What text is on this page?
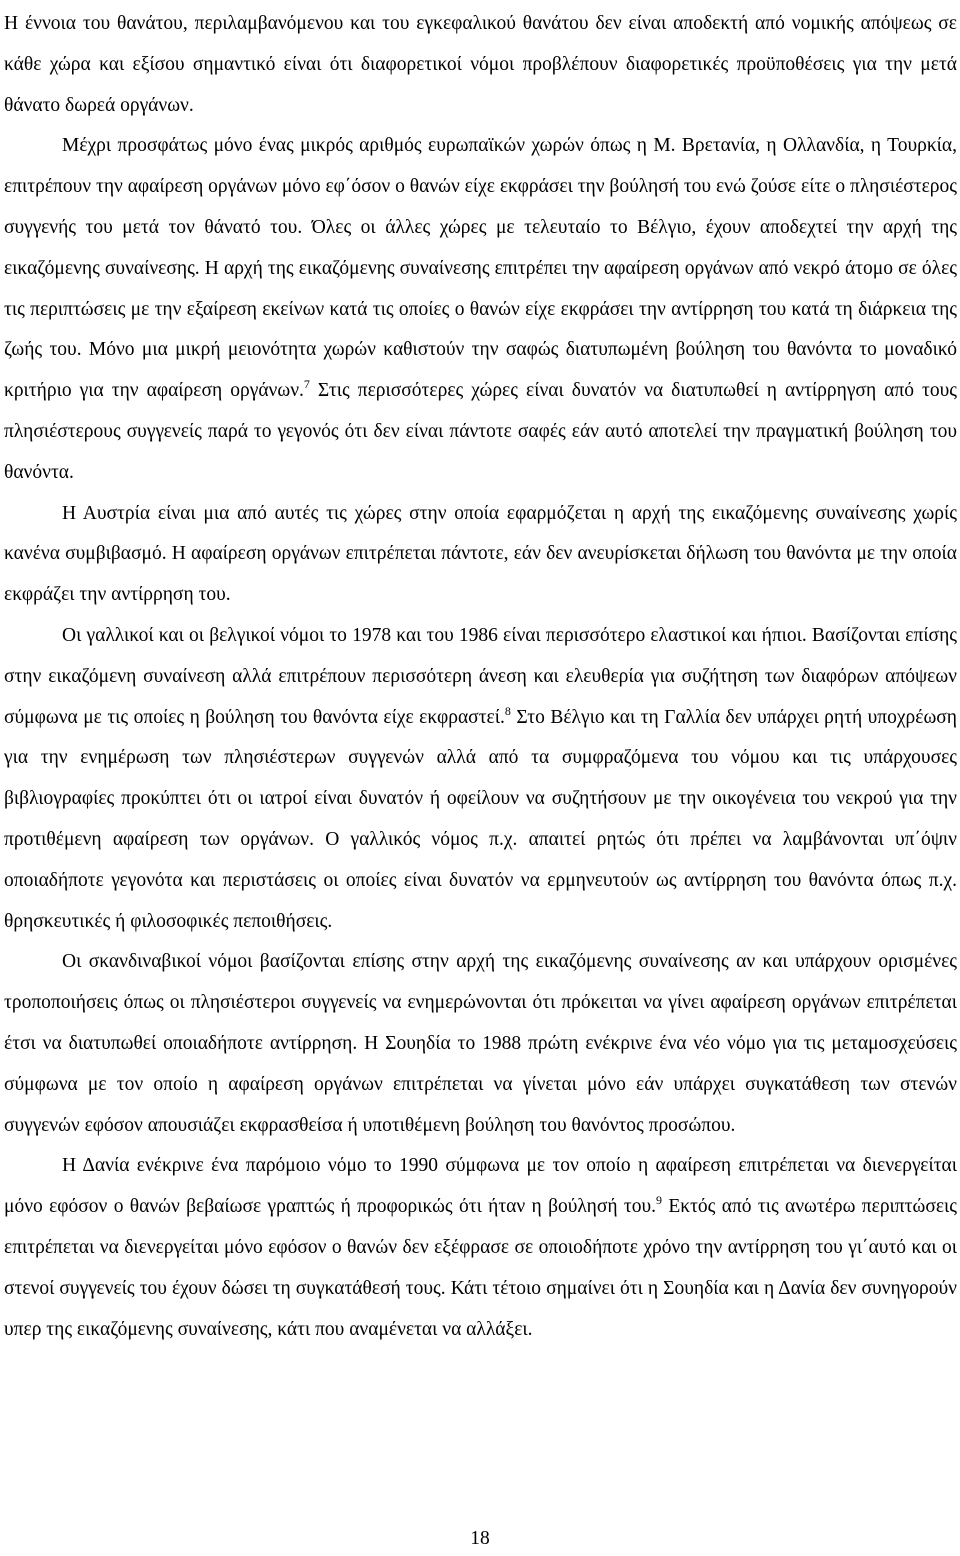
Η έννοια του θανάτου, περιλαμβανόμενου και του εγκεφαλικού θανάτου δεν είναι αποδεκτή από νομικής απόψεως σε κάθε χώρα και εξίσου σημαντικό είναι ότι διαφορετικοί νόμοι προβλέπουν διαφορετικές προϋποθέσεις για την μετά θάνατο δωρεά οργάνων.

Μέχρι προσφάτως μόνο ένας μικρός αριθμός ευρωπαϊκών χωρών όπως η Μ. Βρετανία, η Ολλανδία, η Τουρκία, επιτρέπουν την αφαίρεση οργάνων μόνο εφ΄όσον ο θανών είχε εκφράσει την βούλησή του ενώ ζούσε είτε ο πλησιέστερος συγγενής του μετά τον θάνατό του. Όλες οι άλλες χώρες με τελευταίο το Βέλγιο, έχουν αποδεχτεί την αρχή της εικαζόμενης συναίνεσης. Η αρχή της εικαζόμενης συναίνεσης επιτρέπει την αφαίρεση οργάνων από νεκρό άτομο σε όλες τις περιπτώσεις με την εξαίρεση εκείνων κατά τις οποίες ο θανών είχε εκφράσει την αντίρρηση του κατά τη διάρκεια της ζωής του. Μόνο μια μικρή μειονότητα χωρών καθιστούν την σαφώς διατυπωμένη βούληση του θανόντα το μοναδικό κριτήριο για την αφαίρεση οργάνων.$^7$ Στις περισσότερες χώρες είναι δυνατόν να διατυπωθεί η αντίρρηγση από τους πλησιέστερους συγγενείς παρά το γεγονός ότι δεν είναι πάντοτε σαφές εάν αυτό αποτελεί την πραγματική βούληση του θανόντα.

Η Αυστρία είναι μια από αυτές τις χώρες στην οποία εφαρμόζεται η αρχή της εικαζόμενης συναίνεσης χωρίς κανένα συμβιβασμό. Η αφαίρεση οργάνων επιτρέπεται πάντοτε, εάν δεν ανευρίσκεται δήλωση του θανόντα με την οποία εκφράζει την αντίρρηση του.

Οι γαλλικοί και οι βελγικοί νόμοι το 1978 και του 1986 είναι περισσότερο ελαστικοί και ήπιοι. Βασίζονται επίσης στην εικαζόμενη συναίνεση αλλά επιτρέπουν περισσότερη άνεση και ελευθερία για συζήτηση των διαφόρων απόψεων σύμφωνα με τις οποίες η βούληση του θανόντα είχε εκφραστεί.$^8$ Στο Βέλγιο και τη Γαλλία δεν υπάρχει ρητή υποχρέωση για την ενημέρωση των πλησιέστερων συγγενών αλλά από τα συμφραζόμενα του νόμου και τις υπάρχουσες βιβλιογραφίες προκύπτει ότι οι ιατροί είναι δυνατόν ή οφείλουν να συζητήσουν με την οικογένεια του νεκρού για την προτιθέμενη αφαίρεση των οργάνων. Ο γαλλικός νόμος π.χ. απαιτεί ρητώς ότι πρέπει να λαμβάνονται υπ΄όψιν οποιαδήποτε γεγονότα και περιστάσεις οι οποίες είναι δυνατόν να ερμηνευτούν ως αντίρρηση του θανόντα όπως π.χ. θρησκευτικές ή φιλοσοφικές πεποιθήσεις.

Οι σκανδιναβικοί νόμοι βασίζονται επίσης στην αρχή της εικαζόμενης συναίνεσης αν και υπάρχουν ορισμένες τροποποιήσεις όπως οι πλησιέστεροι συγγενείς να ενημερώνονται ότι πρόκειται να γίνει αφαίρεση οργάνων επιτρέπεται έτσι να διατυπωθεί οποιαδήποτε αντίρρηση. Η Σουηδία το 1988 πρώτη ενέκρινε ένα νέο νόμο για τις μεταμοσχεύσεις σύμφωνα με τον οποίο η αφαίρεση οργάνων επιτρέπεται να γίνεται μόνο εάν υπάρχει συγκατάθεση των στενών συγγενών εφόσον απουσιάζει εκφρασθείσα ή υποτιθέμενη βούληση του θανόντος προσώπου.

Η Δανία ενέκρινε ένα παρόμοιο νόμο το 1990 σύμφωνα με τον οποίο η αφαίρεση επιτρέπεται να διενεργείται μόνο εφόσον ο θανών βεβαίωσε γραπτώς ή προφορικώς ότι ήταν η βούλησή του.$^9$ Εκτός από τις ανωτέρω περιπτώσεις επιτρέπεται να διενεργείται μόνο εφόσον ο θανών δεν εξέφρασε σε οποιοδήποτε χρόνο την αντίρρηση του γι΄αυτό και οι στενοί συγγενείς του έχουν δώσει τη συγκατάθεσή τους. Κάτι τέτοιο σημαίνει ότι η Σουηδία και η Δανία δεν συνηγορούν υπερ της εικαζόμενης συναίνεσης, κάτι που αναμένεται να αλλάξει.

18
